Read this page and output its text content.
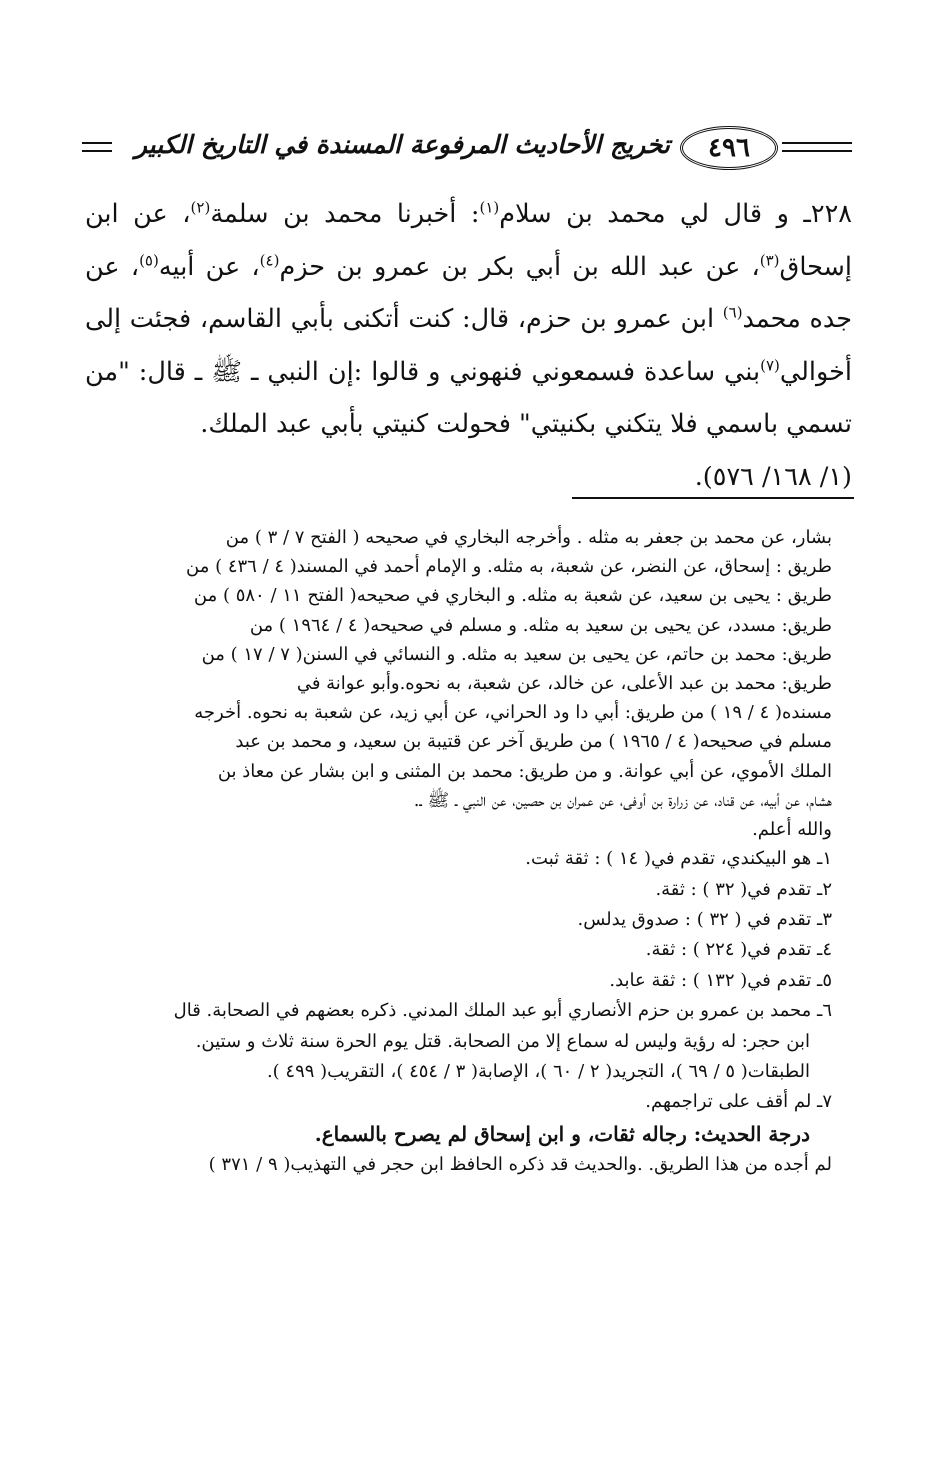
٤٩٦
تخريج الأحاديث المرفوعة المسندة في التاريخ الكبير

٢٢٨ـ و قال لي محمد بن سلام$^{(١)}$: أخبرنا محمد بن سلمة$^{(٢)}$، عن ابن إسحاق$^{(٣)}$، عن عبد الله بن أبي بكر بن عمرو بن حزم$^{(٤)}$، عن أبيه$^{(٥)}$، عن جده محمد$^{(٦)}$ ابن عمرو بن حزم، قال: كنت أتكنى بأبي القاسم، فجئت إلى أخوالي$^{(٧)}$بني ساعدة فسمعوني فنهوني و قالوا :إن النبي ـ ﷺ ـ قال: "من تسمي باسمي فلا يتكني بكنيتي" فحولت كنيتي بأبي عبد الملك.
(١/ ١٦٨/ ٥٧٦).

بشار، عن محمد بن جعفر به مثله . وأخرجه البخاري في صحيحه ( الفتح ٧ / ٣ ) من

طريق : إسحاق، عن النضر، عن شعبة، به مثله. و الإمام أحمد في المسند( ٤ / ٤٣٦ ) من

طريق : يحيى بن سعيد، عن شعبة به مثله. و البخاري في صحيحه( الفتح ١١ / ٥٨٠ ) من

طريق: مسدد، عن يحيى بن سعيد به مثله. و مسلم في صحيحه( ٤ / ١٩٦٤ ) من

طريق: محمد بن حاتم، عن يحيى بن سعيد به مثله. و النسائي في السنن( ٧ / ١٧ ) من

طريق: محمد بن عبد الأعلى، عن خالد، عن شعبة، به نحوه.وأبو عوانة في

مسنده( ٤ / ١٩ ) من طريق: أبي دا ود الحراني، عن أبي زيد، عن شعبة به نحوه. أخرجه

مسلم في صحيحه( ٤ / ١٩٦٥ ) من طريق آخر عن قتيبة بن سعيد، و محمد بن عبد

الملك الأموي، عن أبي عوانة. و من طريق: محمد بن المثنى و ابن بشار عن معاذ بن

هشام، عن أبيه، عن قناد، عن زرارة بن أوفى، عن عمران بن حصين، عن النبي ـ ﷺ ـ.

والله أعلم.

١ـ هو البيكندي، تقدم في( ١٤ ) : ثقة ثبت.
٢ـ تقدم في( ٣٢ ) : ثقة.
٣ـ تقدم في ( ٣٢ ) : صدوق يدلس.
٤ـ تقدم في( ٢٢٤ ) : ثقة.
٥ـ تقدم في( ١٣٢ ) : ثقة عابد.
٦ـ محمد بن عمرو بن حزم الأنصاري أبو عبد الملك المدني. ذكره بعضهم في الصحابة. قال
ابن حجر: له رؤية وليس له سماع إلا من الصحابة. قتل يوم الحرة سنة ثلاث و ستين.
الطبقات( ٥ / ٦٩ )، التجريد( ٢ / ٦٠ )، الإصابة( ٣ / ٤٥٤ )، التقريب( ٤٩٩ ).
٧ـ لم أقف على تراجمهم.
درجة الحديث: رجاله ثقات، و ابن إسحاق لم يصرح بالسماع.
لم أجده من هذا الطريق. .والحديث قد ذكره الحافظ ابن حجر في التهذيب( ٩ / ٣٧١ )
